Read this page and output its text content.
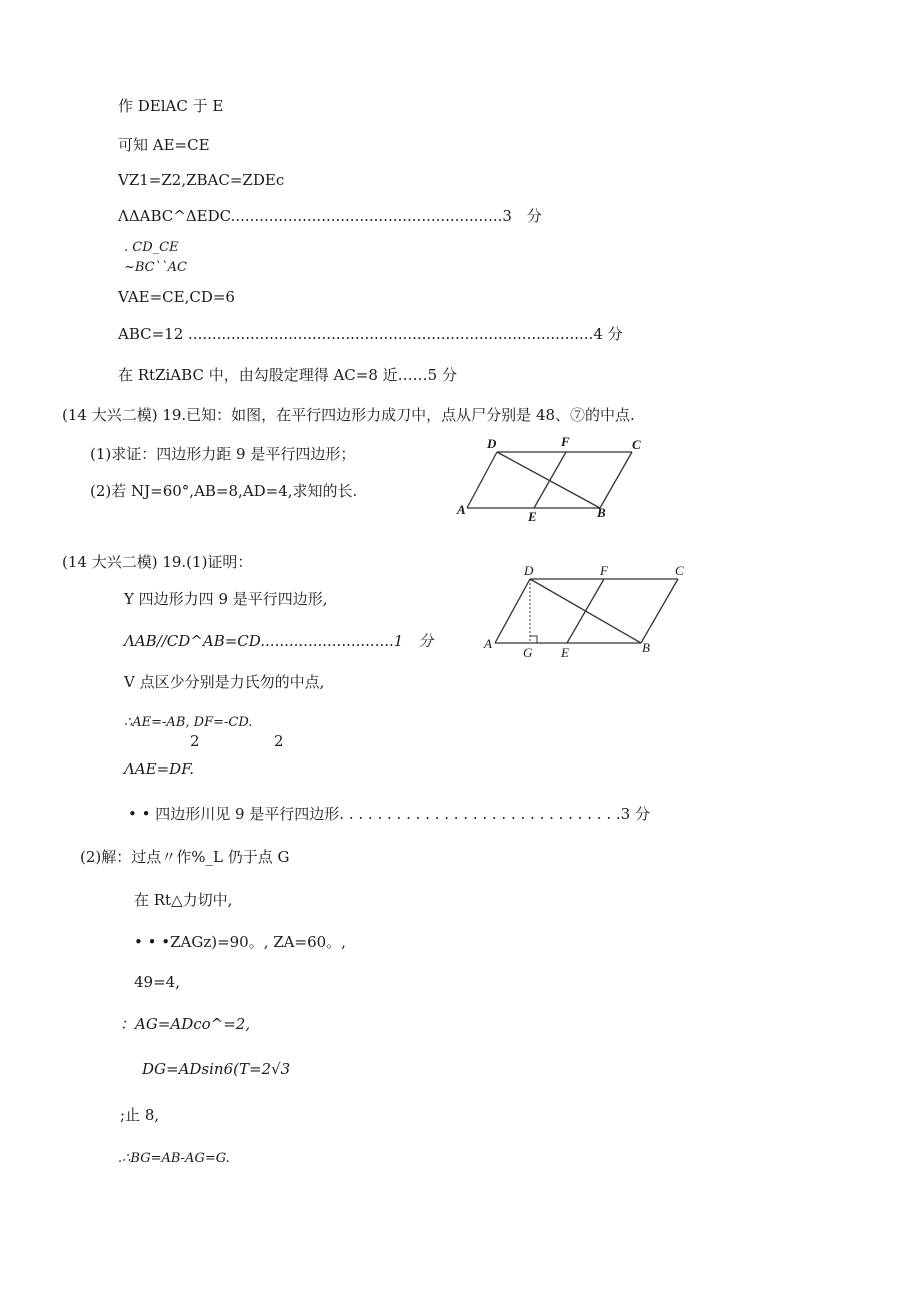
作 DElAC 于 E
可知 AE=CE
VZ1=Z2,ZBAC=ZDEc
ΛΔABC^ΔEDC.........................................................3　分
. CD_CE
~BC``AC
VAE=CE,CD=6
ABC=12 .....................................................................................4 分
在 RtZiABC 中，由勾股定理得 AC=8 近……5 分
(14 大兴二模) 19.已知：如图，在平行四边形力成刀中，点从尸分别是 48、⑦的中点.
(1)求证：四边形力距 9 是平行四边形；
(2)若 NJ=60°,AB=8,AD=4,求知的长.
D	F	C
A	E	B
(14 大兴二模) 19.(1)证明：
Y 四边形力四 9 是平行四边形,
ΛAB//CD^AB=CD............................1　分
V 点区少分别是力氏勿的中点,
∴AE=-AB, DF=-CD.
2	2
ΛAE=DF.
• • 四边形川见 9 是平行四边形. . . . . . . . . . . . . . . . . . . . . . . . . . . . . .3 分
(2)解：过点〃作%_L 仍于点 G
在 Rt△力切中,
• • •ZAGz)=90。, ZA=60。,
49=4,
：AG=ADco^=2,
DG=ADsin6(T=2√3
;止 8,
.∴BG=AB-AG=G.
D	F	C
A
G E	B
